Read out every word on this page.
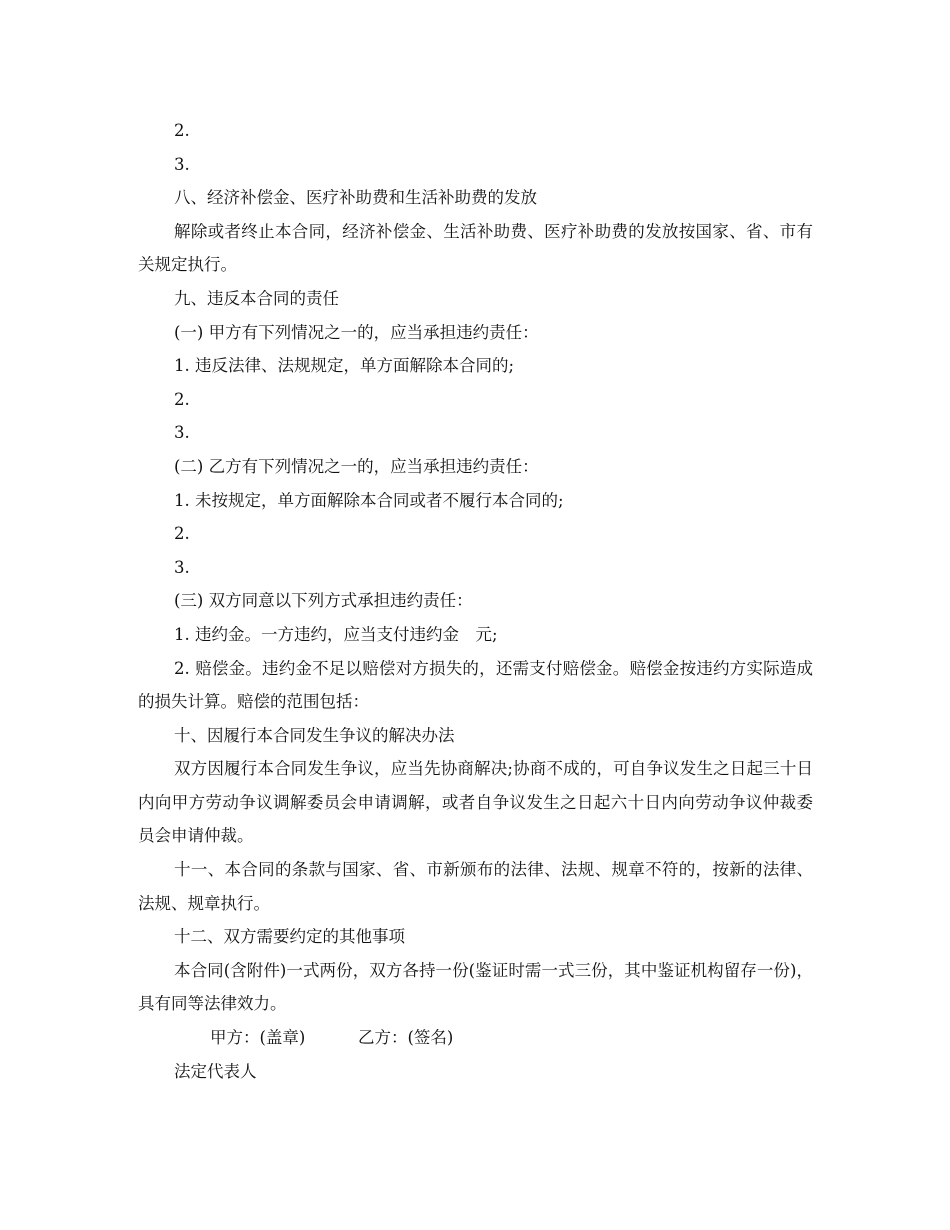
2.

3.

八、经济补偿金、医疗补助费和生活补助费的发放

解除或者终止本合同，经济补偿金、生活补助费、医疗补助费的发放按国家、省、市有关规定执行。

九、违反本合同的责任

(一) 甲方有下列情况之一的，应当承担违约责任：

1. 违反法律、法规规定，单方面解除本合同的;

2.

3.

(二) 乙方有下列情况之一的，应当承担违约责任：

1. 未按规定，单方面解除本合同或者不履行本合同的;

2.

3.

(三) 双方同意以下列方式承担违约责任：

1. 违约金。一方违约，应当支付违约金　元;

2. 赔偿金。违约金不足以赔偿对方损失的，还需支付赔偿金。赔偿金按违约方实际造成的损失计算。赔偿的范围包括：

十、因履行本合同发生争议的解决办法

双方因履行本合同发生争议，应当先协商解决;协商不成的，可自争议发生之日起三十日内向甲方劳动争议调解委员会申请调解，或者自争议发生之日起六十日内向劳动争议仲裁委员会申请仲裁。

十一、本合同的条款与国家、省、市新颁布的法律、法规、规章不符的，按新的法律、法规、规章执行。

十二、双方需要约定的其他事项

本合同(含附件)一式两份，双方各持一份(鉴证时需一式三份，其中鉴证机构留存一份)，具有同等法律效力。

甲方：(盖章)	乙方：(签名)

法定代表人
